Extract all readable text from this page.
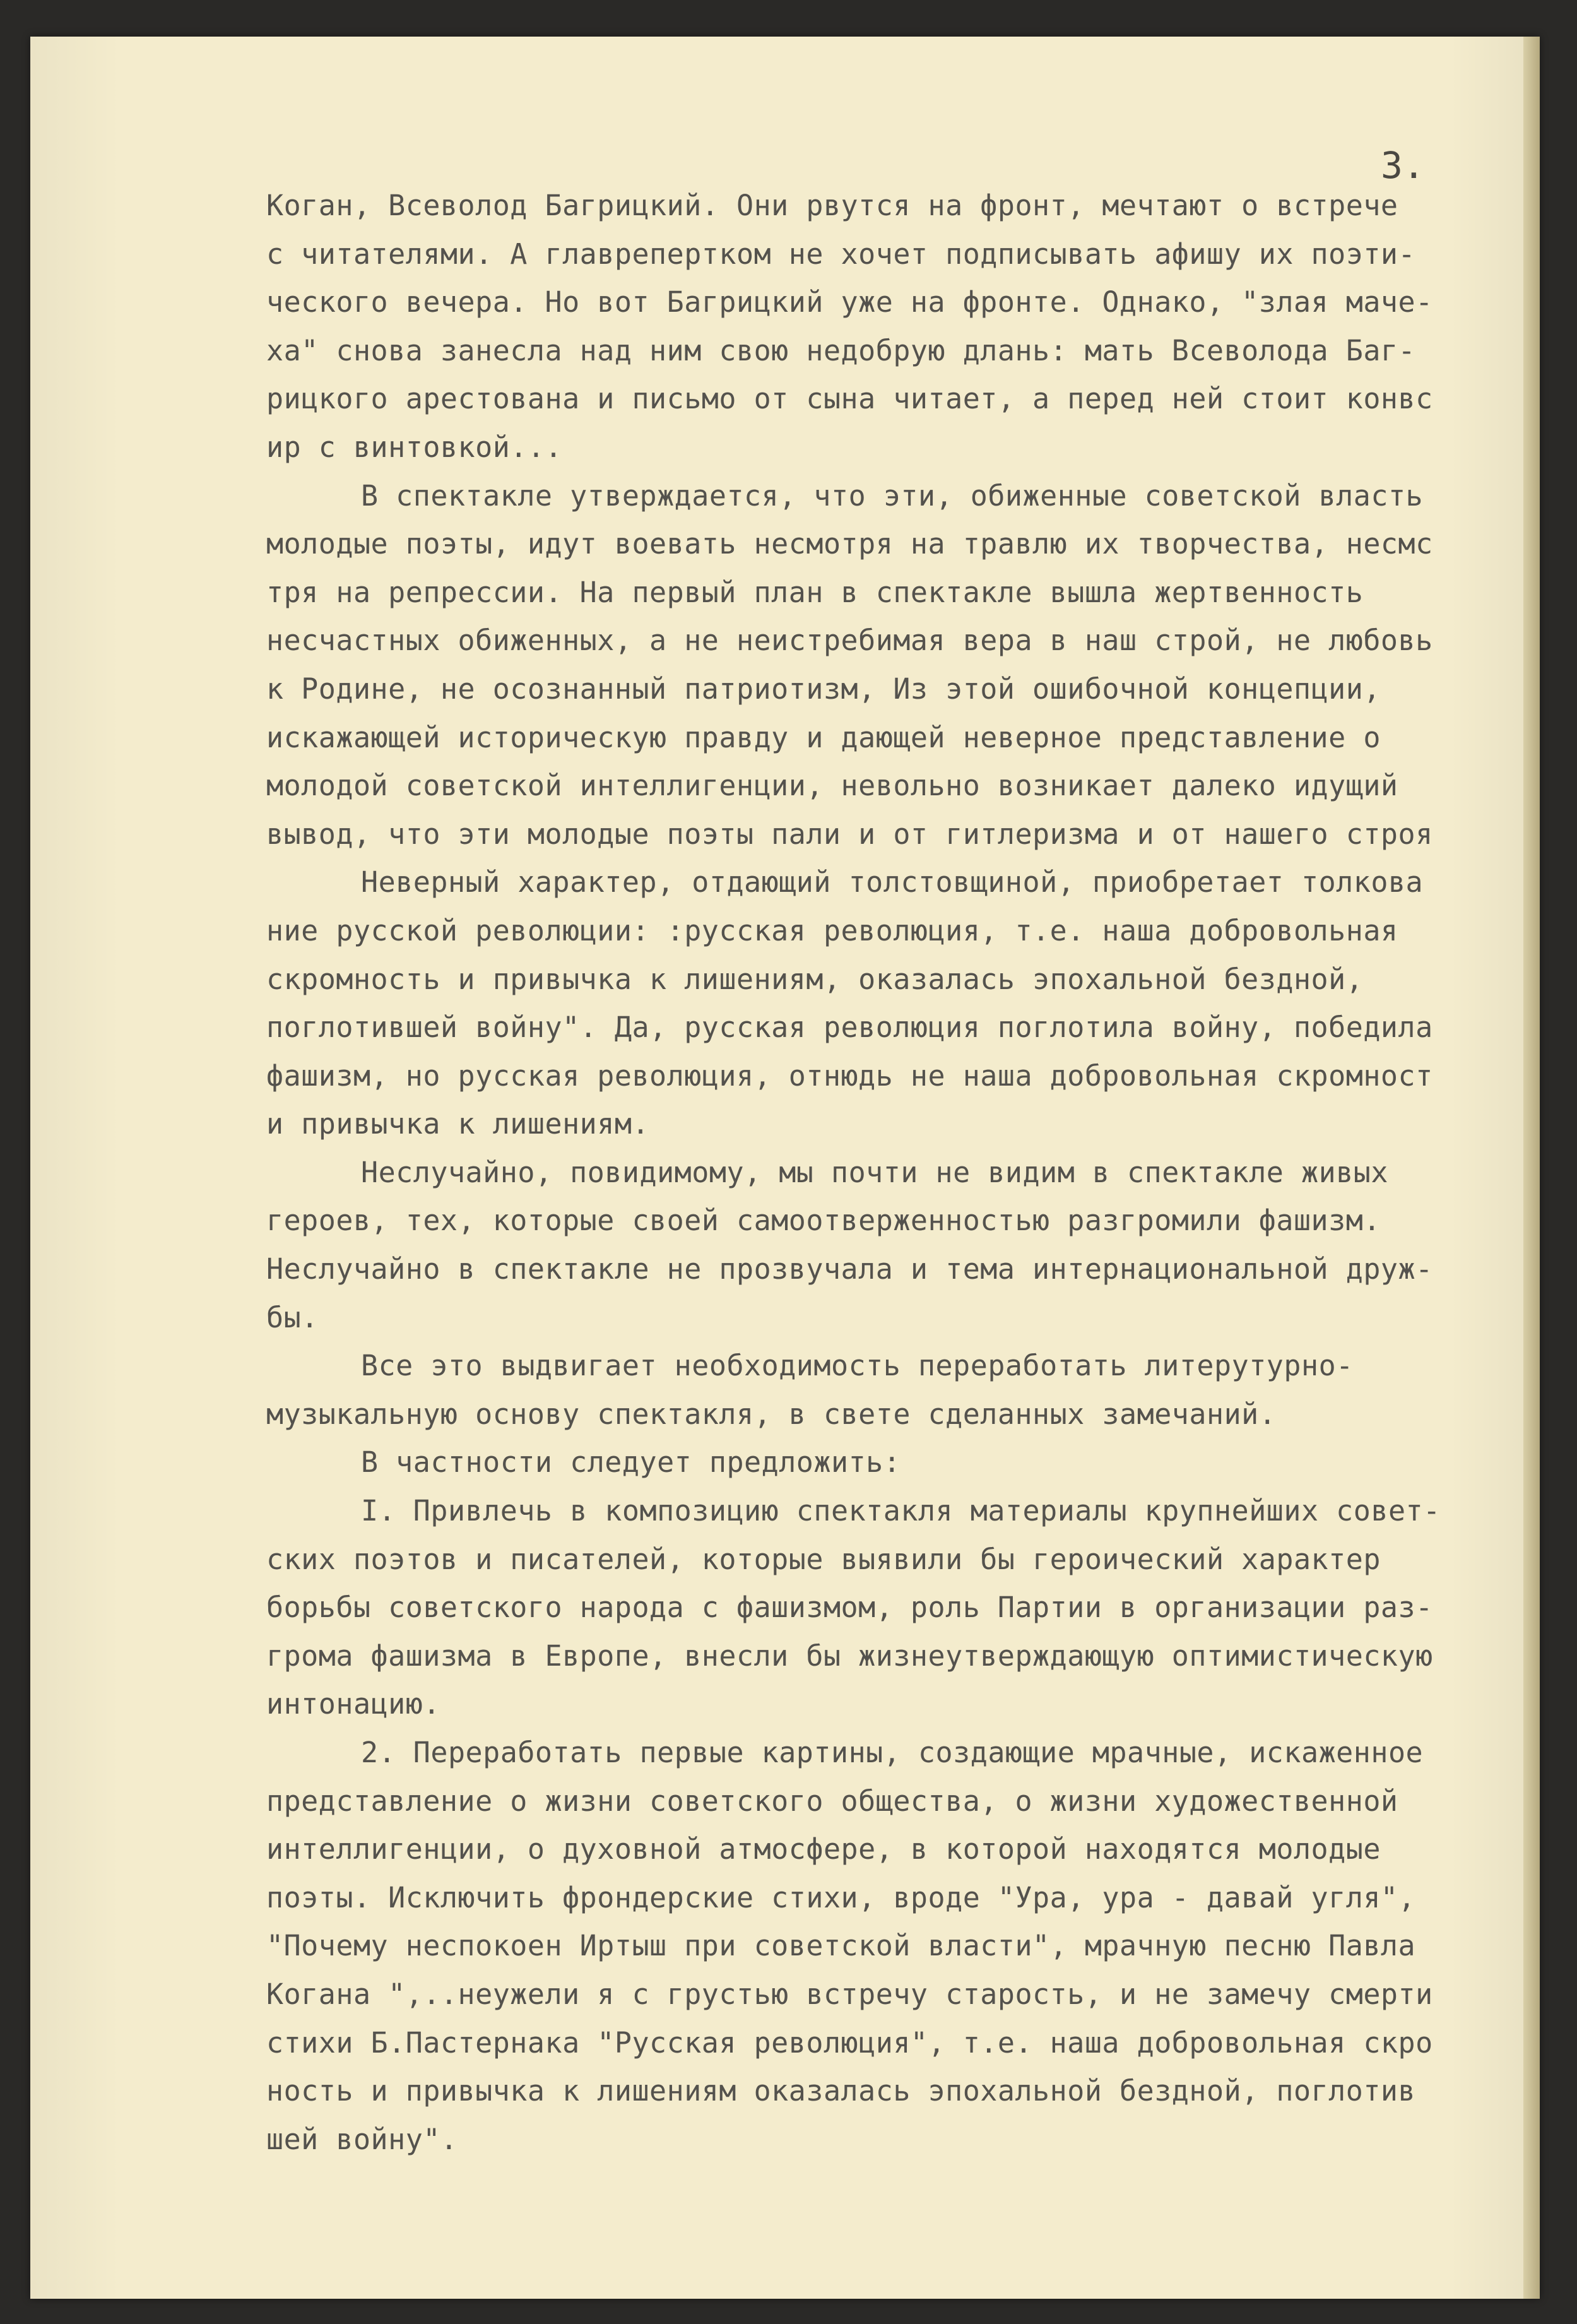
3.

Коган, Всеволод Багрицкий. Они рвутся на фронт, мечтают о встрече
с читателями. А главрепертком не хочет подписывать афишу их поэти-
ческого вечера. Но вот Багрицкий уже на фронте. Однако, "злая маче-
ха" снова занесла над ним свою недобрую длань: мать Всеволода Баг-
рицкого арестована и письмо от сына читает, а перед ней стоит конвс
ир с винтовкой...
В спектакле утверждается, что эти, обиженные советской власть
молодые поэты, идут воевать несмотря на травлю их творчества, несмс
тря на репрессии. На первый план в спектакле вышла жертвенность
несчастных обиженных, а не неистребимая вера в наш строй, не любовь
к Родине, не осознанный патриотизм, Из этой ошибочной концепции,
искажающей историческую правду и дающей неверное представление о
молодой советской интеллигенции, невольно возникает далеко идущий
вывод, что эти молодые поэты пали и от гитлеризма и от нашего строя
Неверный характер, отдающий толстовщиной, приобретает толкова
ние русской революции: :русская революция, т.е. наша добровольная
скромность и привычка к лишениям, оказалась эпохальной бездной,
поглотившей войну". Да, русская революция поглотила войну, победила
фашизм, но русская революция, отнюдь не наша добровольная скромност
и привычка к лишениям.
Неслучайно, повидимому, мы почти не видим в спектакле живых
героев, тех, которые своей самоотверженностью разгромили фашизм.
Неслучайно в спектакле не прозвучала и тема интернациональной друж-
бы.
Все это выдвигает необходимость переработать литерутурно-
музыкальную основу спектакля, в свете сделанных замечаний.
В частности следует предложить:
I. Привлечь в композицию спектакля материалы крупнейших совет-
ских поэтов и писателей, которые выявили бы героический характер
борьбы советского народа с фашизмом, роль Партии в организации раз-
грома фашизма в Европе, внесли бы жизнеутверждающую оптимистическую
интонацию.
2. Переработать первые картины, создающие мрачные, искаженное
представление о жизни советского общества, о жизни художественной
интеллигенции, о духовной атмосфере, в которой находятся молодые
поэты. Исключить фрондерские стихи, вроде "Ура, ура - давай угля",
"Почему неспокоен Иртыш при советской власти", мрачную песню Павла
Когана ",..неужели я с грустью встречу старость, и не замечу смерти
стихи Б.Пастернака "Русская революция", т.е. наша добровольная скро
ность и привычка к лишениям оказалась эпохальной бездной, поглотив
шей войну".
